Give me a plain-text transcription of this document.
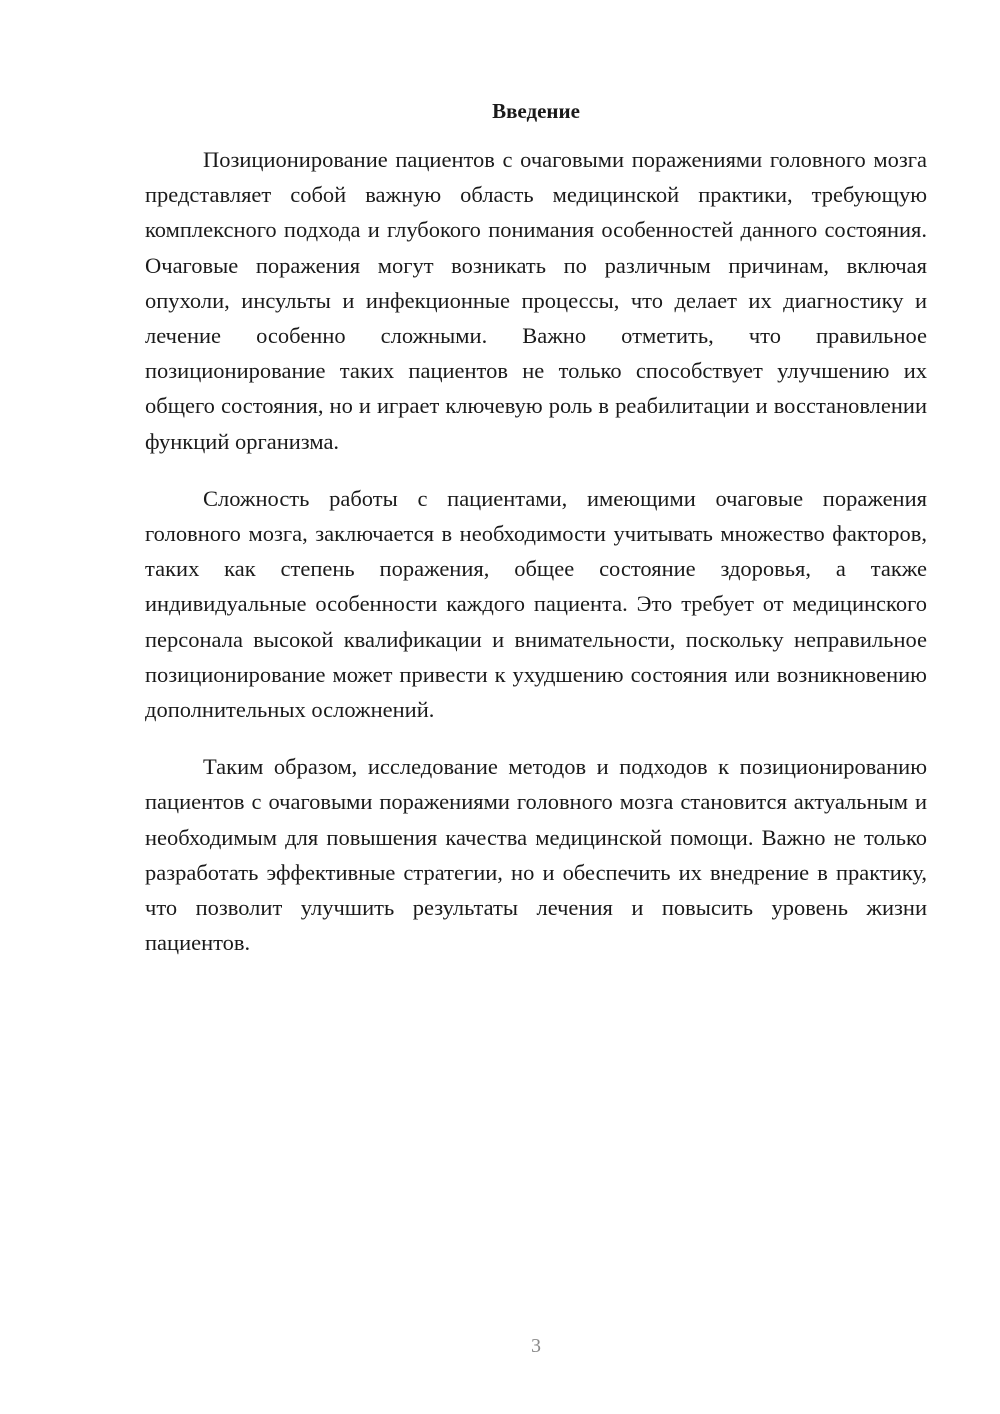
Введение

Позиционирование пациентов с очаговыми поражениями головного мозга представляет собой важную область медицинской практики, требующую комплексного подхода и глубокого понимания особенностей данного состояния. Очаговые поражения могут возникать по различным причинам, включая опухоли, инсульты и инфекционные процессы, что делает их диагностику и лечение особенно сложными. Важно отметить, что правильное позиционирование таких пациентов не только способствует улучшению их общего состояния, но и играет ключевую роль в реабилитации и восстановлении функций организма.

Сложность работы с пациентами, имеющими очаговые поражения головного мозга, заключается в необходимости учитывать множество факторов, таких как степень поражения, общее состояние здоровья, а также индивидуальные особенности каждого пациента. Это требует от медицинского персонала высокой квалификации и внимательности, поскольку неправильное позиционирование может привести к ухудшению состояния или возникновению дополнительных осложнений.

Таким образом, исследование методов и подходов к позиционированию пациентов с очаговыми поражениями головного мозга становится актуальным и необходимым для повышения качества медицинской помощи. Важно не только разработать эффективные стратегии, но и обеспечить их внедрение в практику, что позволит улучшить результаты лечения и повысить уровень жизни пациентов.

3
